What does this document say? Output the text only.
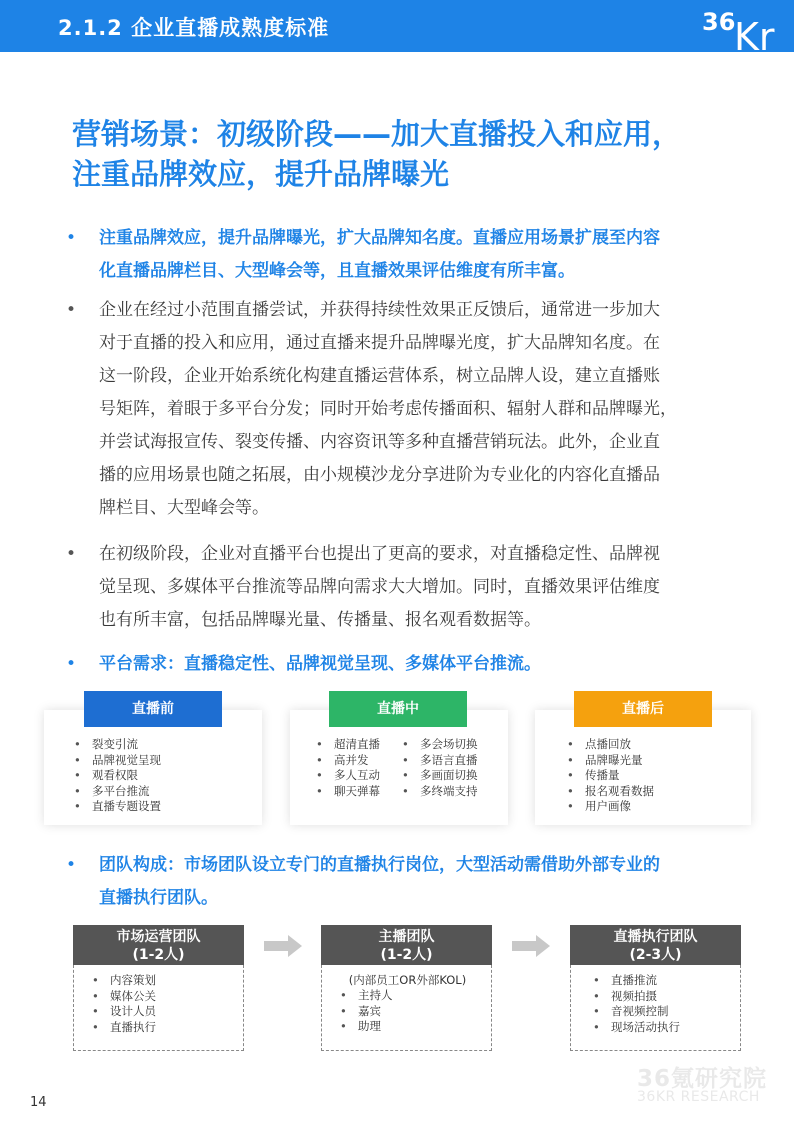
2.1.2 企业直播成熟度标准	36
Kr
营销场景：初级阶段——加大直播投入和应用，
注重品牌效应，提升品牌曝光
• 注重品牌效应，提升品牌曝光，扩大品牌知名度。直播应用场景扩展至内容
化直播品牌栏目、大型峰会等，且直播效果评估维度有所丰富。
• 企业在经过小范围直播尝试，并获得持续性效果正反馈后，通常进一步加大
对于直播的投入和应用，通过直播来提升品牌曝光度，扩大品牌知名度。在
这一阶段，企业开始系统化构建直播运营体系，树立品牌人设，建立直播账
号矩阵，着眼于多平台分发；同时开始考虑传播面积、辐射人群和品牌曝光，
并尝试海报宣传、裂变传播、内容资讯等多种直播营销玩法。此外，企业直
播的应用场景也随之拓展，由小规模沙龙分享进阶为专业化的内容化直播品
牌栏目、大型峰会等。
• 在初级阶段，企业对直播平台也提出了更高的要求，对直播稳定性、品牌视
觉呈现、多媒体平台推流等品牌向需求大大增加。同时，直播效果评估维度
也有所丰富，包括品牌曝光量、传播量、报名观看数据等。
• 平台需求：直播稳定性、品牌视觉呈现、多媒体平台推流。
• 裂变引流
• 品牌视觉呈现
• 观看权限
• 多平台推流
• 直播专题设置
直播前
• 超清直播
• 高并发
• 多人互动
• 聊天弹幕
• 多会场切换
• 多语言直播
• 多画面切换
• 多终端支持
直播中
• 点播回放
• 品牌曝光量
• 传播量
• 报名观看数据
• 用户画像
直播后
• 团队构成：市场团队设立专门的直播执行岗位，大型活动需借助外部专业的
直播执行团队。
市场运营团队
(1-2人)
• 内容策划
• 媒体公关
• 设计人员
• 直播执行
主播团队
(1-2人)
(内部员工OR外部KOL)
• 主持人
• 嘉宾
• 助理
直播执行团队
(2-3人)
• 直播推流
• 视频拍摄
• 音视频控制
• 现场活动执行
14
36氪研究院
36KR RESEARCH
